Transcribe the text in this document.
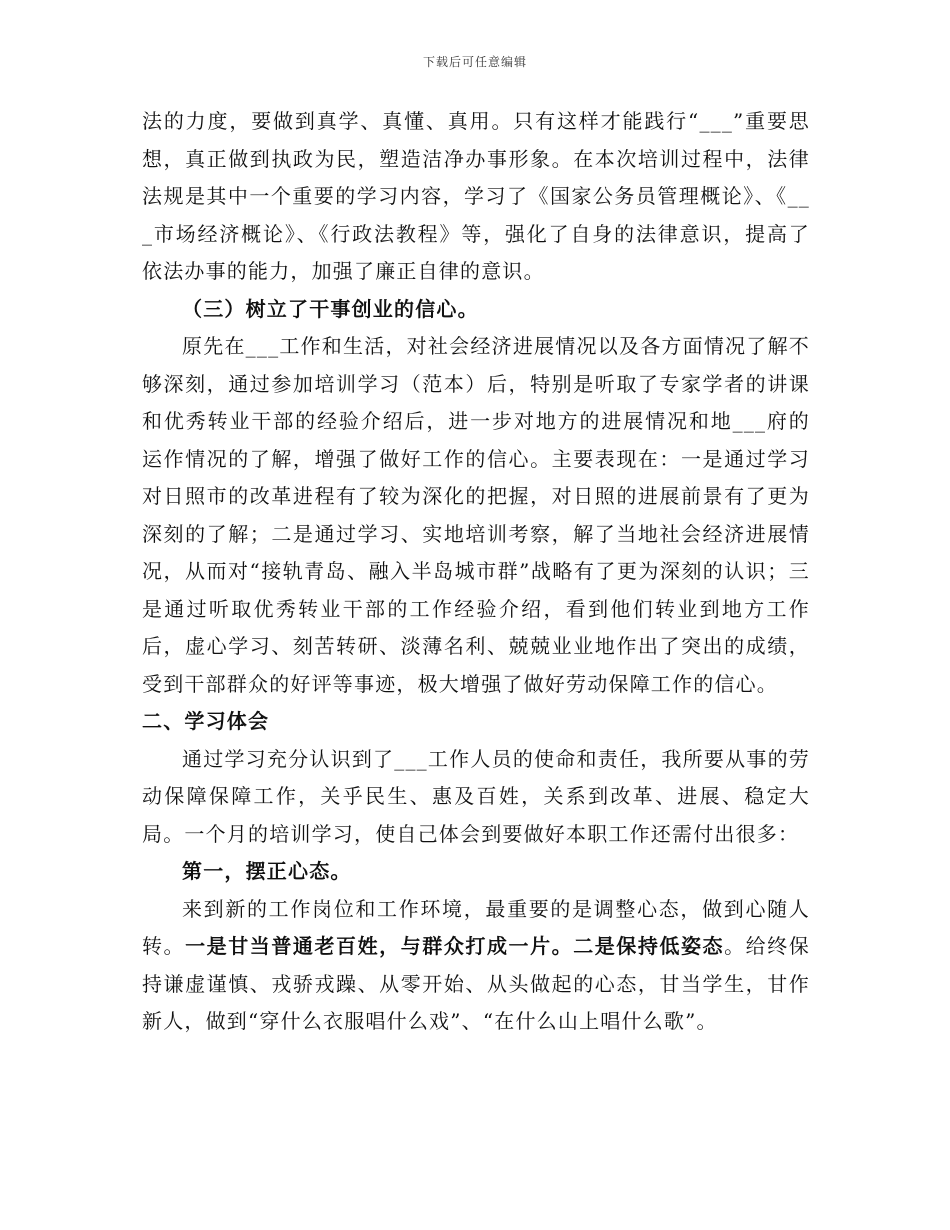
下载后可任意编辑

法的力度，要做到真学、真懂、真用。只有这样才能践行“___”重要思想，真正做到执政为民，塑造洁净办事形象。在本次培训过程中，法律法规是其中一个重要的学习内容，学习了《国家公务员管理概论》、《___市场经济概论》、《行政法教程》等，强化了自身的法律意识，提高了依法办事的能力，加强了廉正自律的意识。

（三）树立了干事创业的信心。

原先在___工作和生活，对社会经济进展情况以及各方面情况了解不够深刻，通过参加培训学习（范本）后，特别是听取了专家学者的讲课和优秀转业干部的经验介绍后，进一步对地方的进展情况和地___府的运作情况的了解，增强了做好工作的信心。主要表现在：一是通过学习对日照市的改革进程有了较为深化的把握，对日照的进展前景有了更为深刻的了解；二是通过学习、实地培训考察，解了当地社会经济进展情况，从而对“接轨青岛、融入半岛城市群”战略有了更为深刻的认识；三是通过听取优秀转业干部的工作经验介绍，看到他们转业到地方工作后，虚心学习、刻苦转研、淡薄名利、兢兢业业地作出了突出的成绩，受到干部群众的好评等事迹，极大增强了做好劳动保障工作的信心。

二、学习体会

通过学习充分认识到了___工作人员的使命和责任，我所要从事的劳动保障保障工作，关乎民生、惠及百姓，关系到改革、进展、稳定大局。一个月的培训学习，使自己体会到要做好本职工作还需付出很多：

第一，摆正心态。

来到新的工作岗位和工作环境，最重要的是调整心态，做到心随人转。一是甘当普通老百姓，与群众打成一片。二是保持低姿态。给终保持谦虚谨慎、戎骄戎躁、从零开始、从头做起的心态，甘当学生，甘作新人，做到“穿什么衣服唱什么戏”、“在什么山上唱什么歌”。
